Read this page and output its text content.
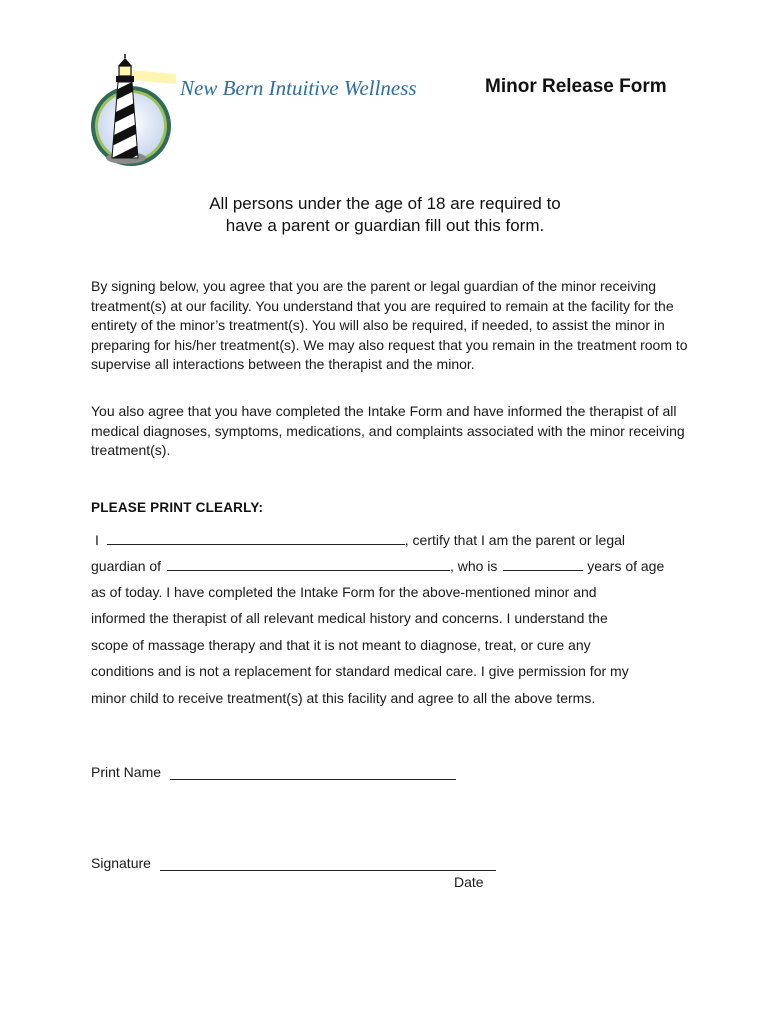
New Bern Intuitive Wellness	Minor Release Form
All persons under the age of 18 are required to
have a parent or guardian fill out this form.
By signing below, you agree that you are the parent or legal guardian of the minor receiving treatment(s) at our facility. You understand that you are required to remain at the facility for the entirety of the minor’s treatment(s). You will also be required, if needed, to assist the minor in preparing for his/her treatment(s). We may also request that you remain in the treatment room to supervise all interactions between the therapist and the minor.
You also agree that you have completed the Intake Form and have informed the therapist of all medical diagnoses, symptoms, medications, and complaints associated with the minor receiving treatment(s).
PLEASE PRINT CLEARLY:
I	, certify that I am the parent or legal
guardian of	, who is	years of age
as of today. I have completed the Intake Form for the above-mentioned minor and
informed the therapist of all relevant medical history and concerns. I understand the
scope of massage therapy and that it is not meant to diagnose, treat, or cure any
conditions and is not a replacement for standard medical care. I give permission for my
minor child to receive treatment(s) at this facility and agree to all the above terms.
Print Name
Signature
Date
